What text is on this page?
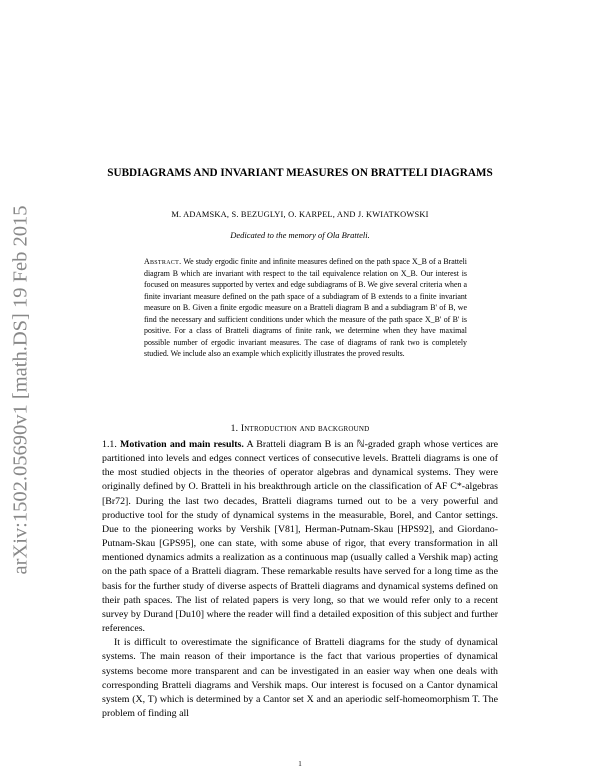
arXiv:1502.05690v1 [math.DS] 19 Feb 2015
SUBDIAGRAMS AND INVARIANT MEASURES ON BRATTELI DIAGRAMS
M. ADAMSKA, S. BEZUGLYI, O. KARPEL, AND J. KWIATKOWSKI
Dedicated to the memory of Ola Bratteli.
Abstract. We study ergodic finite and infinite measures defined on the path space X_B of a Bratteli diagram B which are invariant with respect to the tail equivalence relation on X_B. Our interest is focused on measures supported by vertex and edge subdiagrams of B. We give several criteria when a finite invariant measure defined on the path space of a subdiagram of B extends to a finite invariant measure on B. Given a finite ergodic measure on a Bratteli diagram B and a subdiagram B' of B, we find the necessary and sufficient conditions under which the measure of the path space X_B' of B' is positive. For a class of Bratteli diagrams of finite rank, we determine when they have maximal possible number of ergodic invariant measures. The case of diagrams of rank two is completely studied. We include also an example which explicitly illustrates the proved results.
1. Introduction and background

1.1. Motivation and main results. A Bratteli diagram B is an ℕ-graded graph whose vertices are partitioned into levels and edges connect vertices of consecutive levels. Bratteli diagrams is one of the most studied objects in the theories of operator algebras and dynamical systems. They were originally defined by O. Bratteli in his breakthrough article on the classification of AF C*-algebras [Br72]. During the last two decades, Bratteli diagrams turned out to be a very powerful and productive tool for the study of dynamical systems in the measurable, Borel, and Cantor settings. Due to the pioneering works by Vershik [V81], Herman-Putnam-Skau [HPS92], and Giordano-Putnam-Skau [GPS95], one can state, with some abuse of rigor, that every transformation in all mentioned dynamics admits a realization as a continuous map (usually called a Vershik map) acting on the path space of a Bratteli diagram. These remarkable results have served for a long time as the basis for the further study of diverse aspects of Bratteli diagrams and dynamical systems defined on their path spaces. The list of related papers is very long, so that we would refer only to a recent survey by Durand [Du10] where the reader will find a detailed exposition of this subject and further references.

It is difficult to overestimate the significance of Bratteli diagrams for the study of dynamical systems. The main reason of their importance is the fact that various properties of dynamical systems become more transparent and can be investigated in an easier way when one deals with corresponding Bratteli diagrams and Vershik maps. Our interest is focused on a Cantor dynamical system (X, T) which is determined by a Cantor set X and an aperiodic self-homeomorphism T. The problem of finding all

1
